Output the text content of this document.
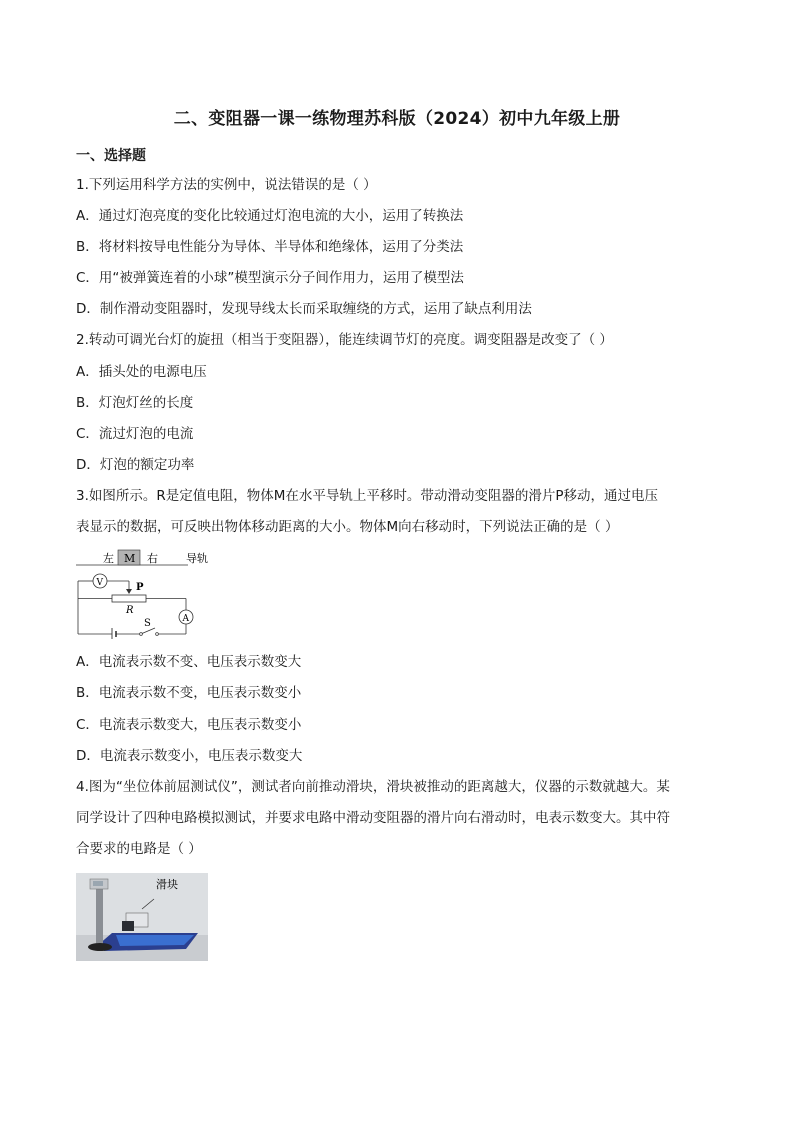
二、变阻器一课一练物理苏科版（2024）初中九年级上册
一、选择题
1.下列运用科学方法的实例中，说法错误的是（ ）
A．通过灯泡亮度的变化比较通过灯泡电流的大小，运用了转换法
B．将材料按导电性能分为导体、半导体和绝缘体，运用了分类法
C．用“被弹簧连着的小球”模型演示分子间作用力，运用了模型法
D．制作滑动变阻器时，发现导线太长而采取缠绕的方式，运用了缺点利用法
2.转动可调光台灯的旋扭（相当于变阻器），能连续调节灯的亮度。调变阻器是改变了（ ）
A．插头处的电源电压
B．灯泡灯丝的长度
C．流过灯泡的电流
D．灯泡的额定功率
3.如图所示。R是定值电阻，物体M在水平导轨上平移时。带动滑动变阻器的滑片P移动，通过电压
表显示的数据，可反映出物体移动距离的大小。物体M向右移动时，下列说法正确的是（ ）
左 M 右	导轨
V	P
R
A
S
A．电流表示数不变、电压表示数变大
B．电流表示数不变，电压表示数变小
C．电流表示数变大，电压表示数变小
D．电流表示数变小，电压表示数变大
4.图为“坐位体前屈测试仪”，测试者向前推动滑块，滑块被推动的距离越大，仪器的示数就越大。某
同学设计了四种电路模拟测试，并要求电路中滑动变阻器的滑片向右滑动时，电表示数变大。其中符
合要求的电路是（ ）
滑块
